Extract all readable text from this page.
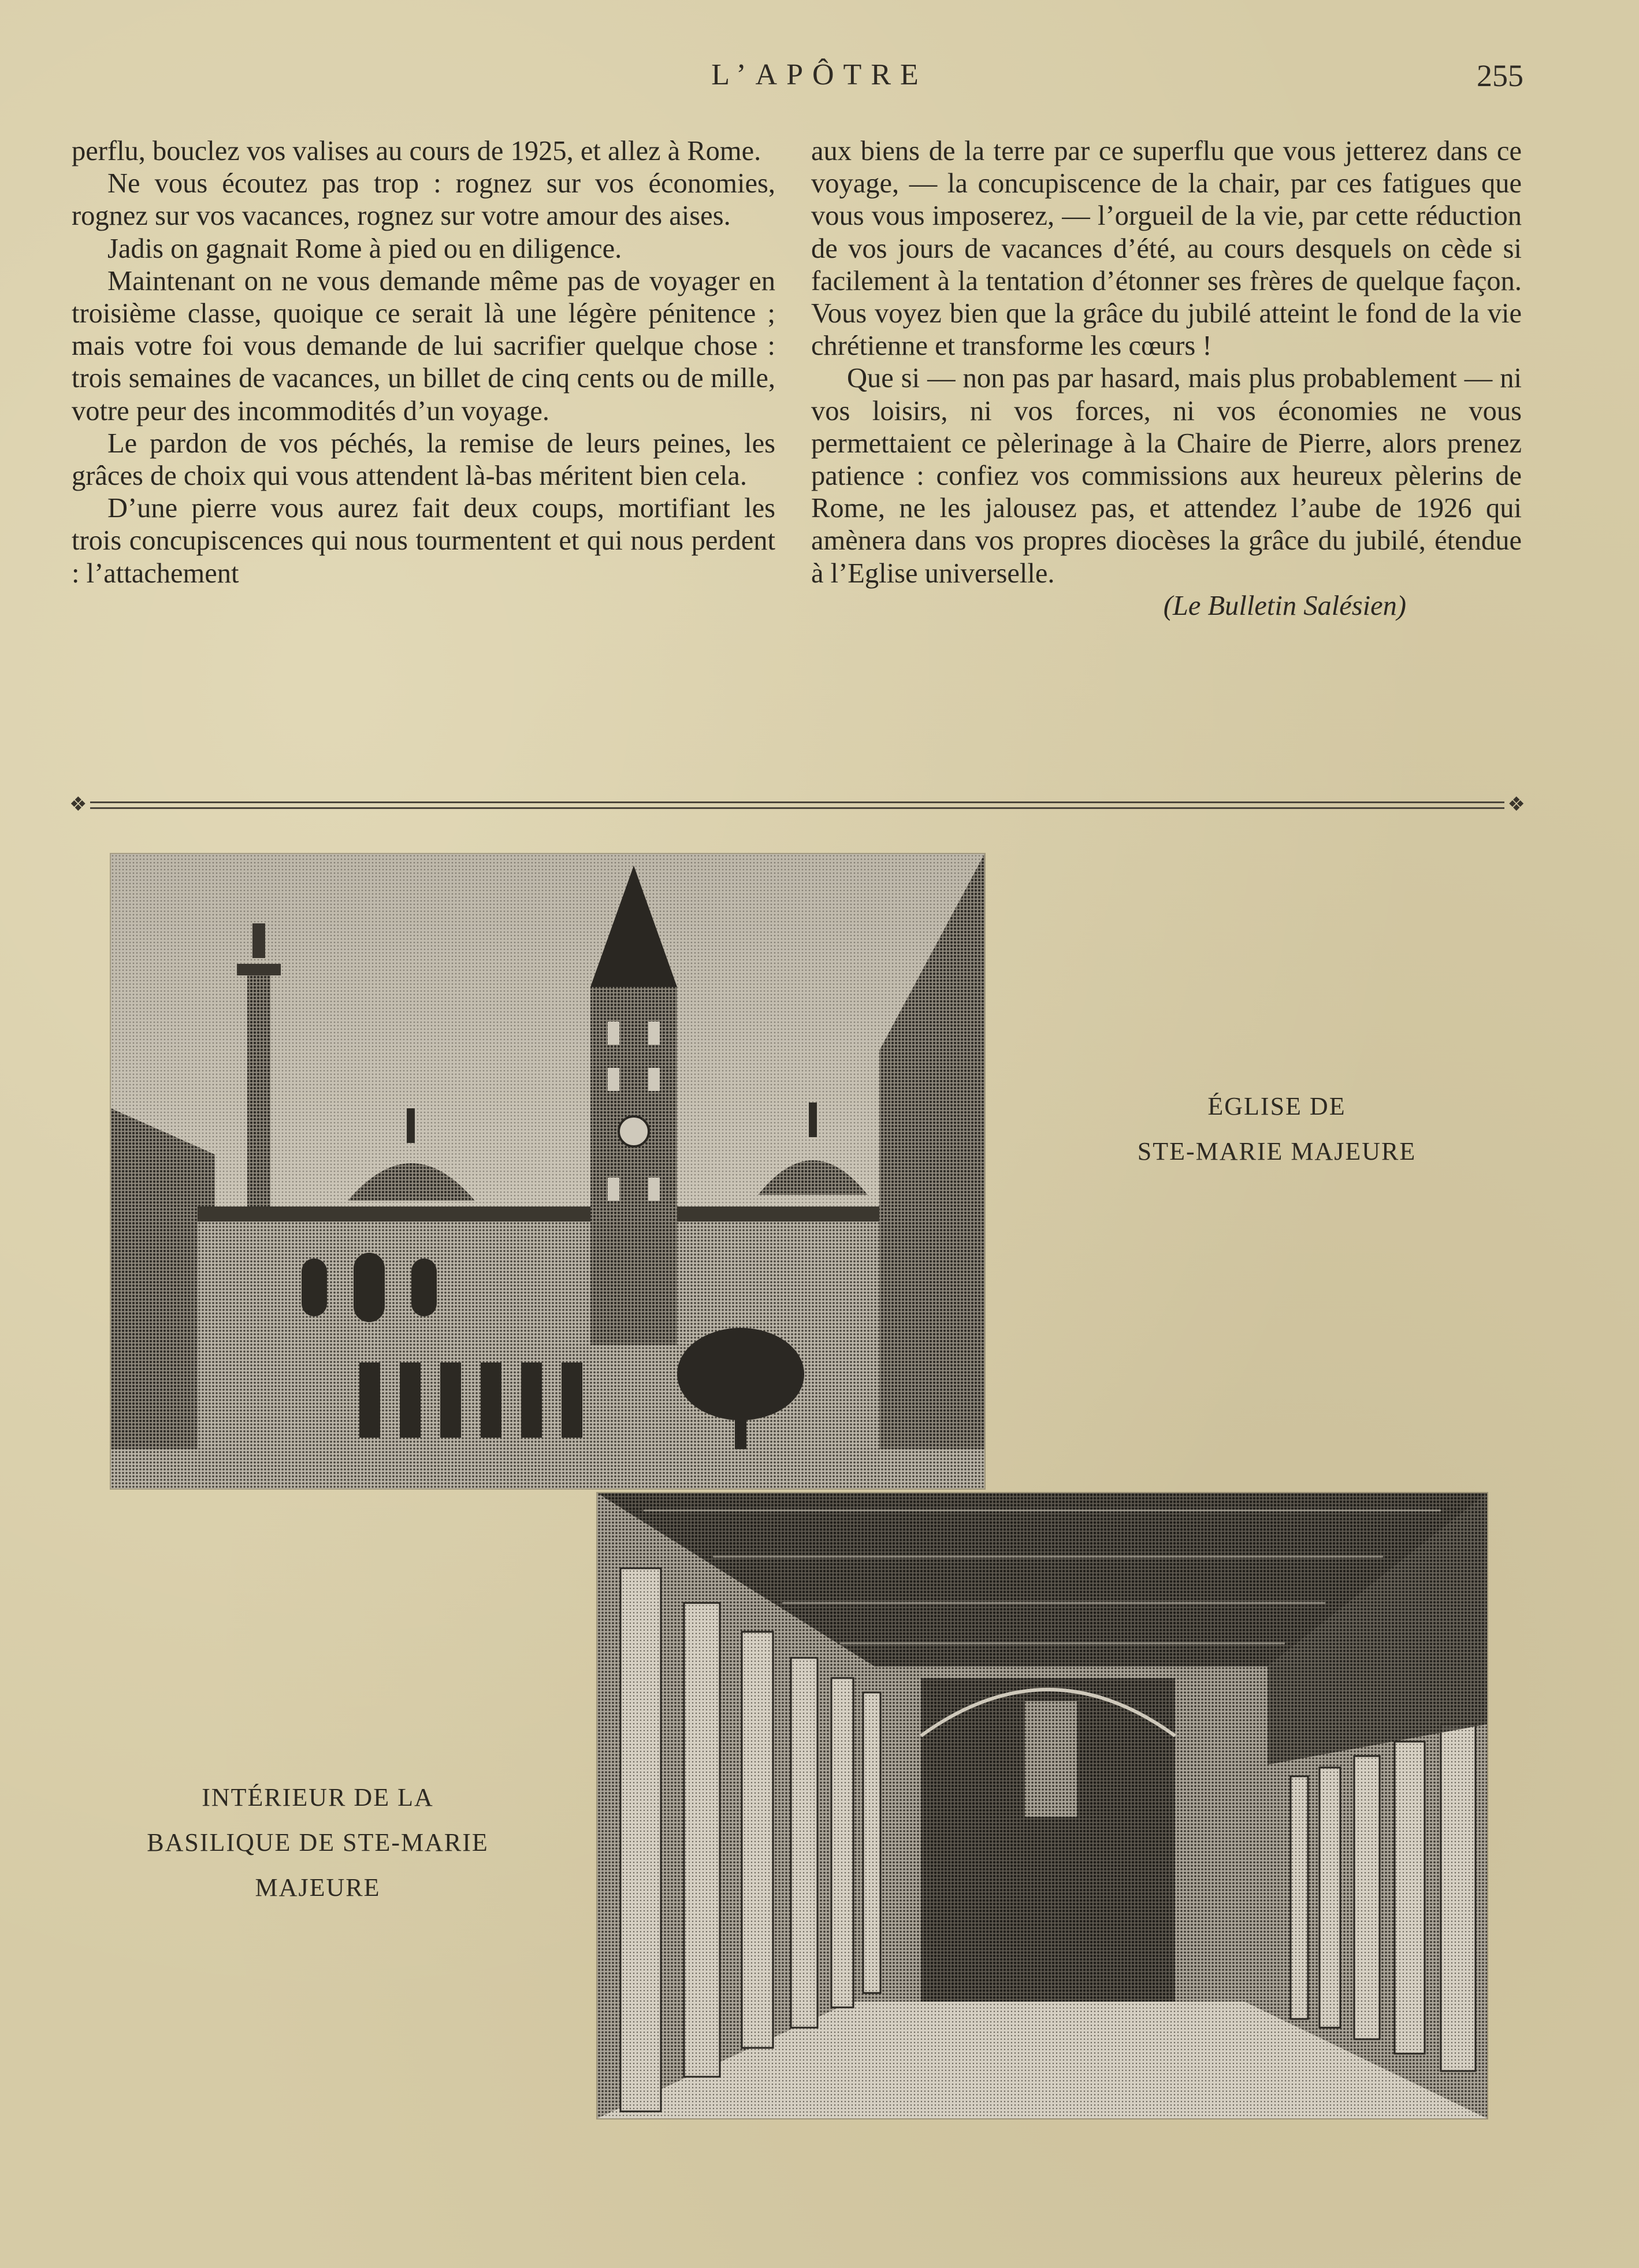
L’APÔTRE	255

perflu, bouclez vos valises au cours de 1925, et allez à Rome.

Ne vous écoutez pas trop : rognez sur vos économies, rognez sur vos vacances, rognez sur votre amour des aises.

Jadis on gagnait Rome à pied ou en diligence.

Maintenant on ne vous demande même pas de voyager en troisième classe, quoique ce serait là une légère pénitence ; mais votre foi vous demande de lui sacrifier quelque chose : trois semaines de vacances, un billet de cinq cents ou de mille, votre peur des incommodités d’un voyage.

Le pardon de vos péchés, la remise de leurs peines, les grâces de choix qui vous attendent là-bas méritent bien cela.

D’une pierre vous aurez fait deux coups, mortifiant les trois concupiscences qui nous tourmentent et qui nous perdent : l’attachement

aux biens de la terre par ce superflu que vous jetterez dans ce voyage, — la concupiscence de la chair, par ces fatigues que vous vous imposerez, — l’orgueil de la vie, par cette réduction de vos jours de vacances d’été, au cours desquels on cède si facilement à la tentation d’étonner ses frères de quelque façon. Vous voyez bien que la grâce du jubilé atteint le fond de la vie chrétienne et transforme les cœurs !

Que si — non pas par hasard, mais plus probablement — ni vos loisirs, ni vos forces, ni vos économies ne vous permettaient ce pèlerinage à la Chaire de Pierre, alors prenez patience : confiez vos commissions aux heureux pèlerins de Rome, ne les jalousez pas, et attendez l’aube de 1926 qui amènera dans vos propres diocèses la grâce du jubilé, étendue à l’Eglise universelle.

(Le Bulletin Salésien)

❖	❖
ÉGLISE DE
STE-MARIE MAJEURE
INTÉRIEUR DE LA
BASILIQUE DE STE-MARIE
MAJEURE
